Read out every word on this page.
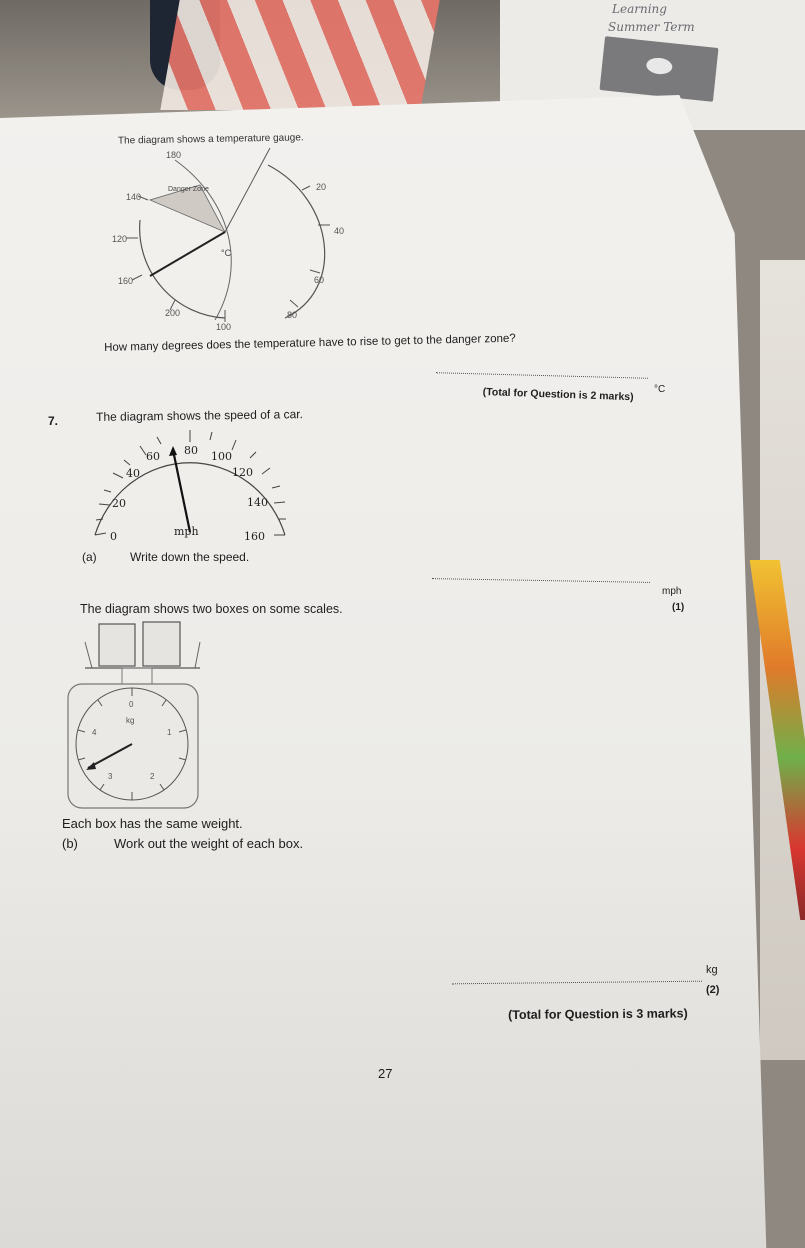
Learning
Summer Term
The diagram shows a temperature gauge.
180
140
120
160
200
100
80
60
40
20
Danger Zone
°C
How many degrees does the temperature have to rise to get to the danger zone?
°C
(Total for Question is 2 marks)
7.	The diagram shows the speed of a car.
0
20
40
60 80 100
120
140
160
mph
(a)	Write down the speed.
mph
(1)
The diagram shows two boxes on some scales.
0
1
2
3
4
kg
Each box has the same weight.
(b)	Work out the weight of each box.
kg
(2)
(Total for Question is 3 marks)
27
